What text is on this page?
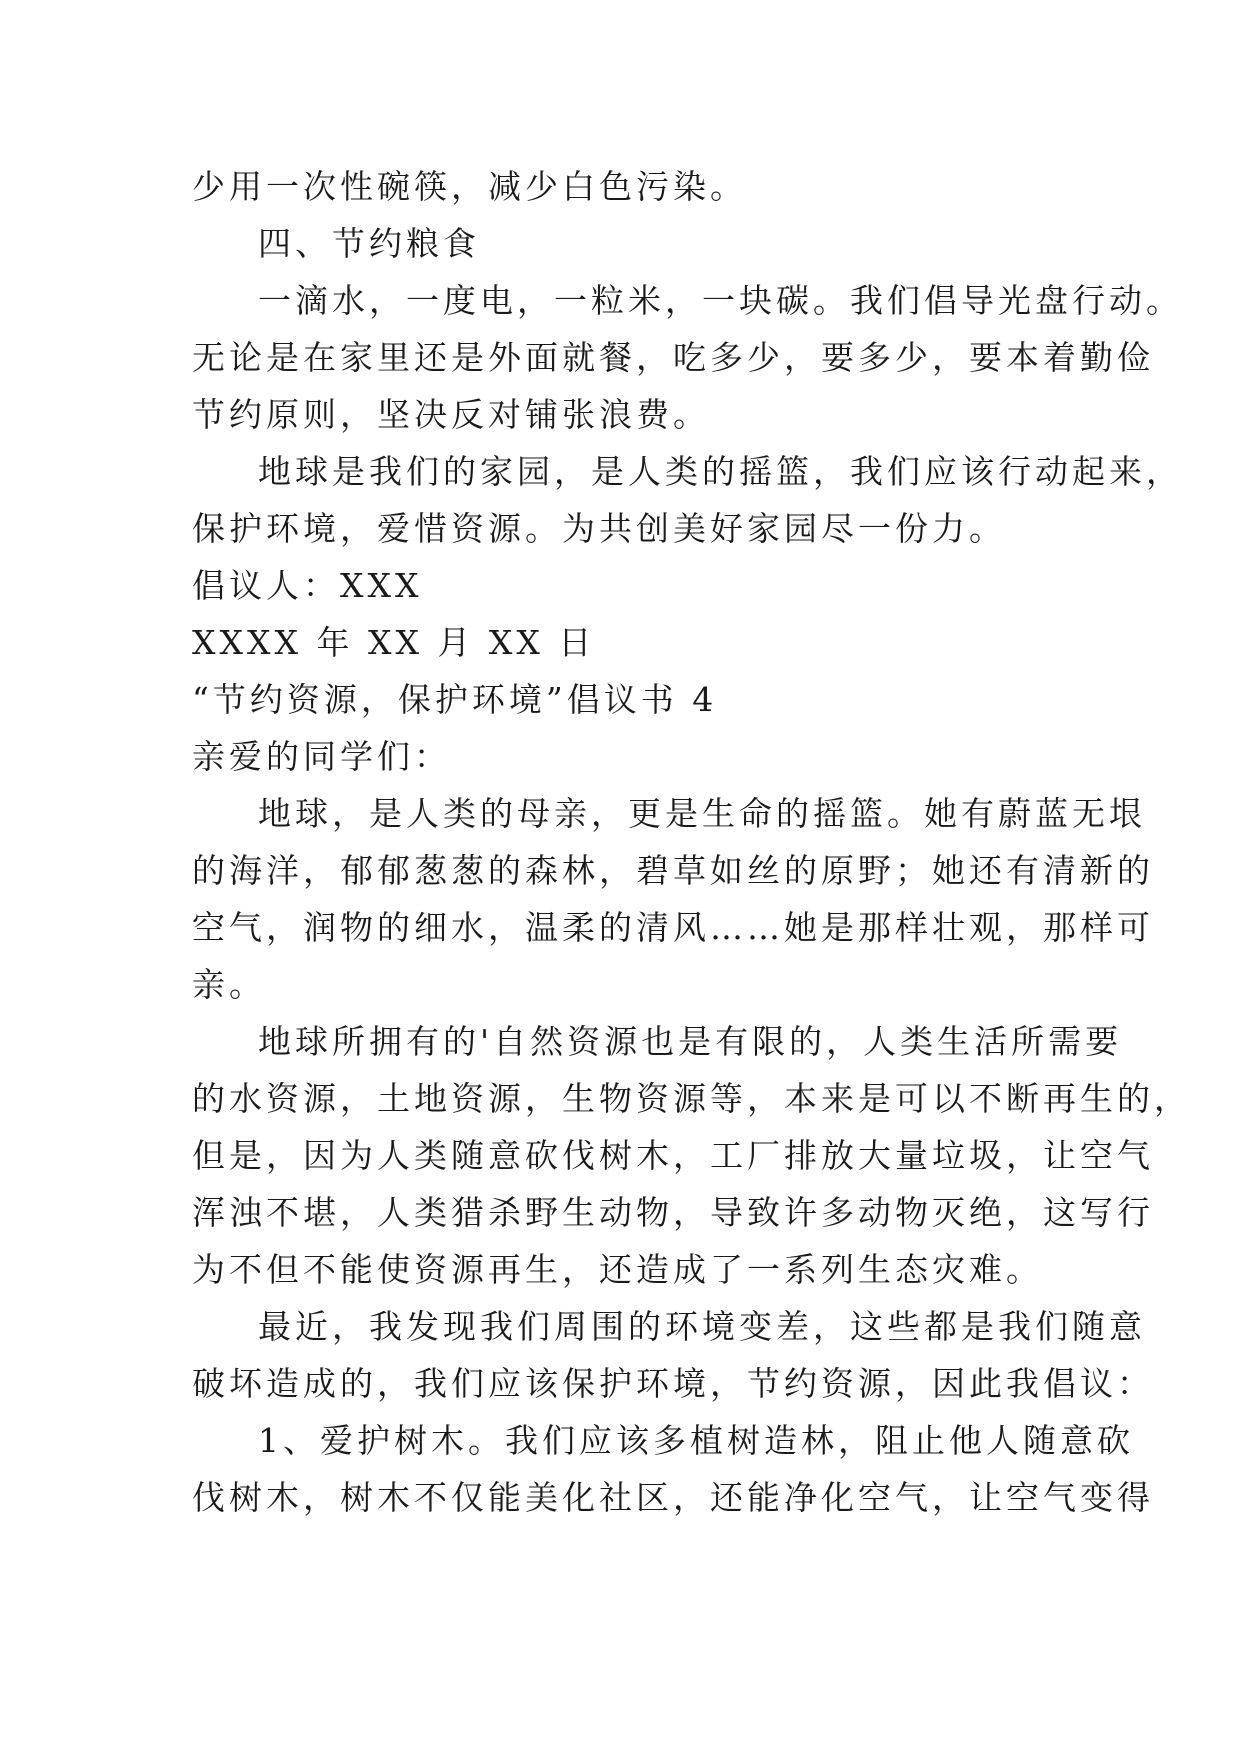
少用一次性碗筷，减少白色污染。
四、节约粮食
一滴水，一度电，一粒米，一块碳。我们倡导光盘行动。
无论是在家里还是外面就餐，吃多少，要多少，要本着勤俭
节约原则，坚决反对铺张浪费。
地球是我们的家园，是人类的摇篮，我们应该行动起来，
保护环境，爱惜资源。为共创美好家园尽一份力。
倡议人：XXX
XXXX 年 XX 月 XX 日
“节约资源，保护环境”倡议书 4
亲爱的同学们：
地球，是人类的母亲，更是生命的摇篮。她有蔚蓝无垠
的海洋，郁郁葱葱的森林，碧草如丝的原野；她还有清新的
空气，润物的细水，温柔的清风……她是那样壮观，那样可
亲。
地球所拥有的'自然资源也是有限的，人类生活所需要
的水资源，土地资源，生物资源等，本来是可以不断再生的，
但是，因为人类随意砍伐树木，工厂排放大量垃圾，让空气
浑浊不堪，人类猎杀野生动物，导致许多动物灭绝，这写行
为不但不能使资源再生，还造成了一系列生态灾难。
最近，我发现我们周围的环境变差，这些都是我们随意
破坏造成的，我们应该保护环境，节约资源，因此我倡议：
1、爱护树木。我们应该多植树造林，阻止他人随意砍
伐树木，树木不仅能美化社区，还能净化空气，让空气变得
